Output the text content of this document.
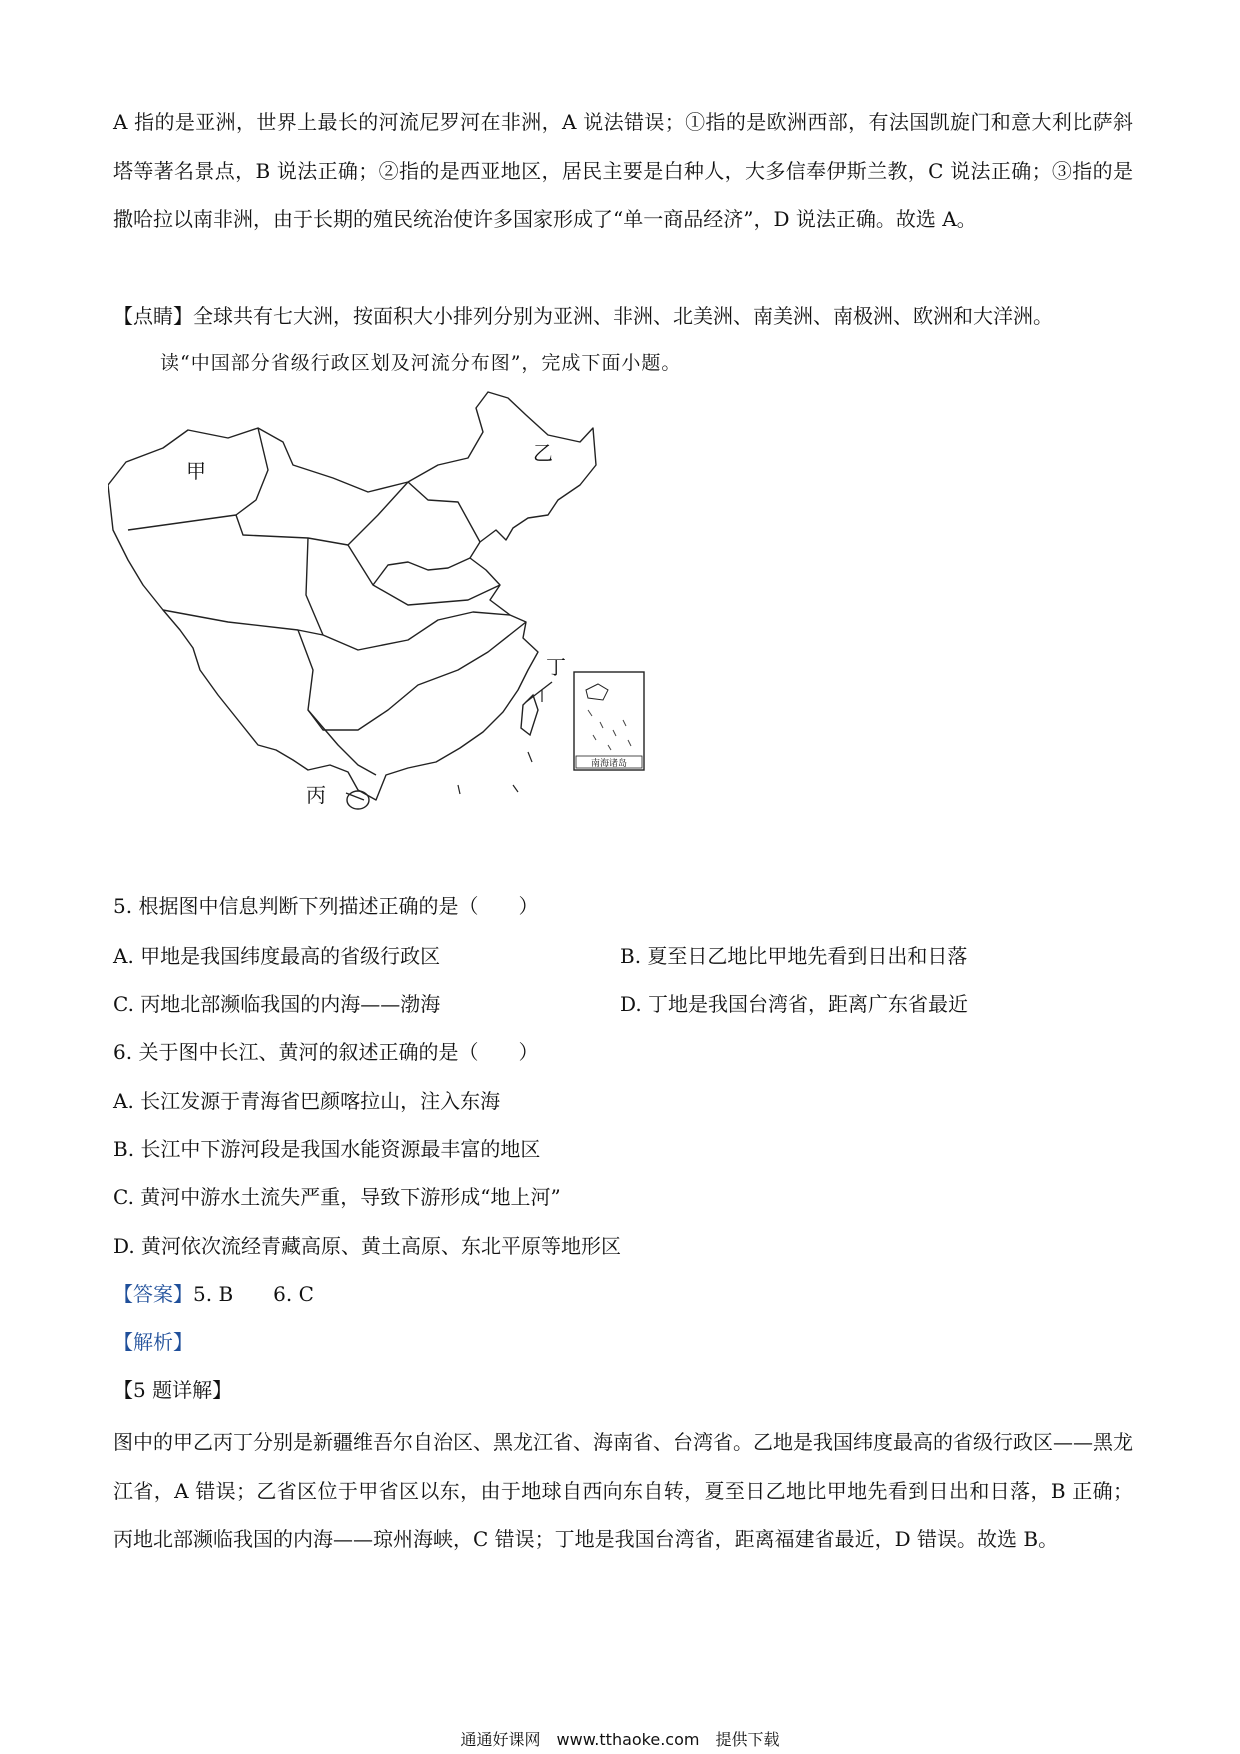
A 指的是亚洲，世界上最长的河流尼罗河在非洲，A 说法错误；①指的是欧洲西部，有法国凯旋门和意大利比萨斜塔等著名景点，B 说法正确；②指的是西亚地区，居民主要是白种人，大多信奉伊斯兰教，C 说法正确；③指的是撒哈拉以南非洲，由于长期的殖民统治使许多国家形成了“单一商品经济”，D 说法正确。故选 A。
【点睛】全球共有七大洲，按面积大小排列分别为亚洲、非洲、北美洲、南美洲、南极洲、欧洲和大洋洲。
读“中国部分省级行政区划及河流分布图”，完成下面小题。
南海诸岛
甲
乙
丙
丁
5. 根据图中信息判断下列描述正确的是（　　）
A. 甲地是我国纬度最高的省级行政区	B. 夏至日乙地比甲地先看到日出和日落
C. 丙地北部濒临我国的内海——渤海	D. 丁地是我国台湾省，距离广东省最近
6. 关于图中长江、黄河的叙述正确的是（　　）
A. 长江发源于青海省巴颜喀拉山，注入东海
B. 长江中下游河段是我国水能资源最丰富的地区
C. 黄河中游水土流失严重，导致下游形成“地上河”
D. 黄河依次流经青藏高原、黄土高原、东北平原等地形区
【答案】5. B　　6. C
【解析】
【5 题详解】
图中的甲乙丙丁分别是新疆维吾尔自治区、黑龙江省、海南省、台湾省。乙地是我国纬度最高的省级行政区——黑龙江省，A 错误；乙省区位于甲省区以东，由于地球自西向东自转，夏至日乙地比甲地先看到日出和日落，B 正确；丙地北部濒临我国的内海——琼州海峡，C 错误；丁地是我国台湾省，距离福建省最近，D 错误。故选 B。
通通好课网　www.tthaoke.com　提供下载
